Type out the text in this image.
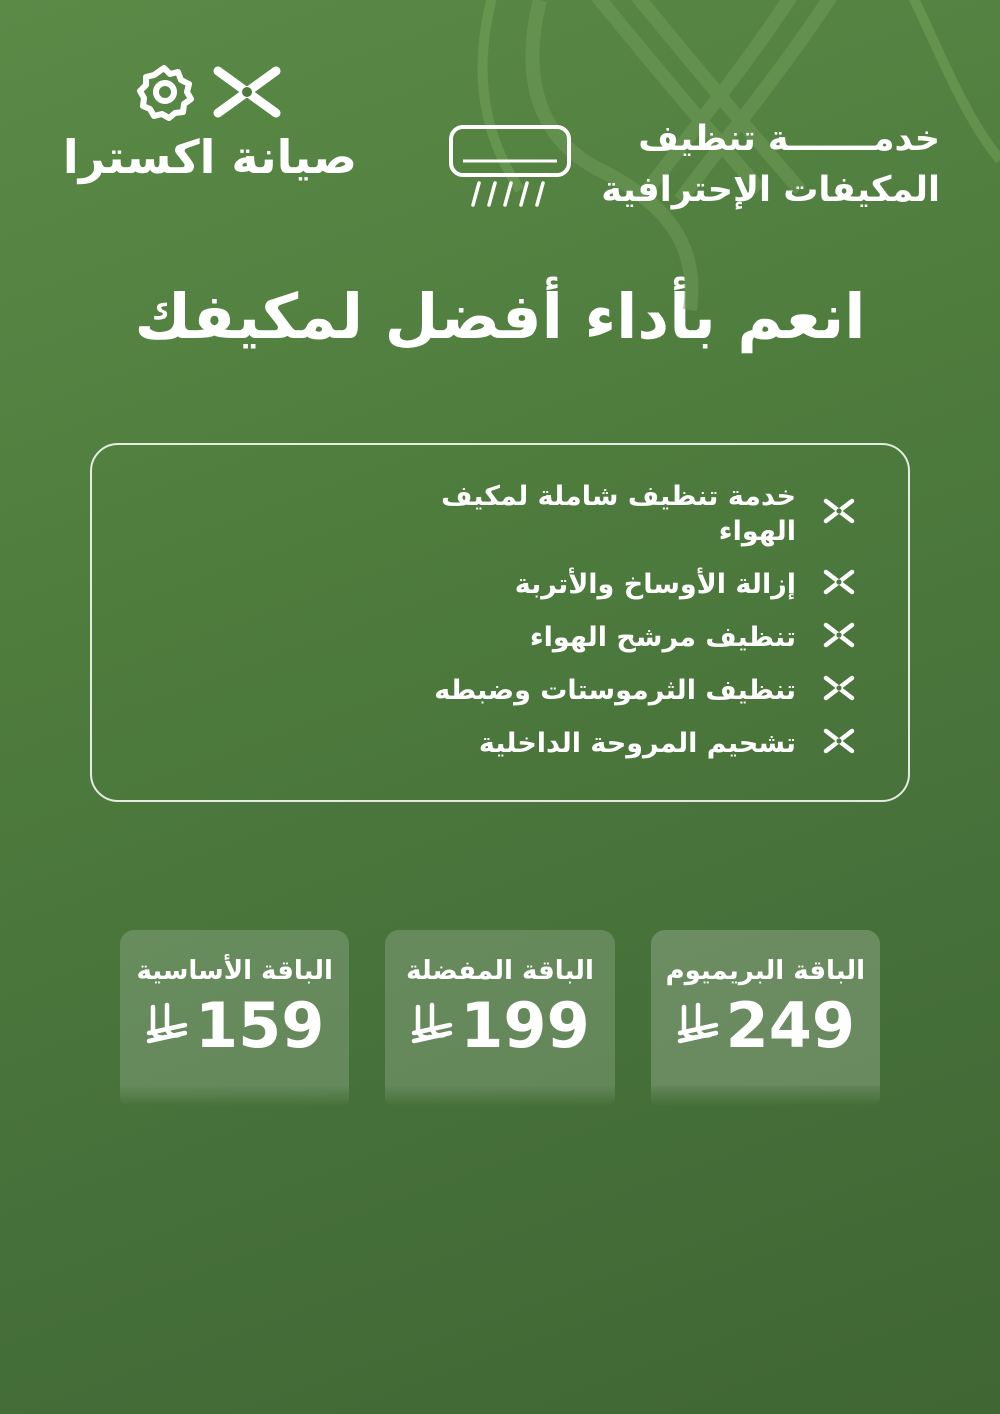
خدمـــــــة تنظيف
المكيفات الإحترافية
صيانة اكسترا
انعم بأداء أفضل لمكيفك
خدمة تنظيف شاملة لمكيف الهواء
إزالة الأوساخ والأتربة
تنظيف مرشح الهواء
تنظيف الثرموستات وضبطه
تشحيم المروحة الداخلية
الباقة البريميوم
249
الباقة المفضلة
199
الباقة الأساسية
159
